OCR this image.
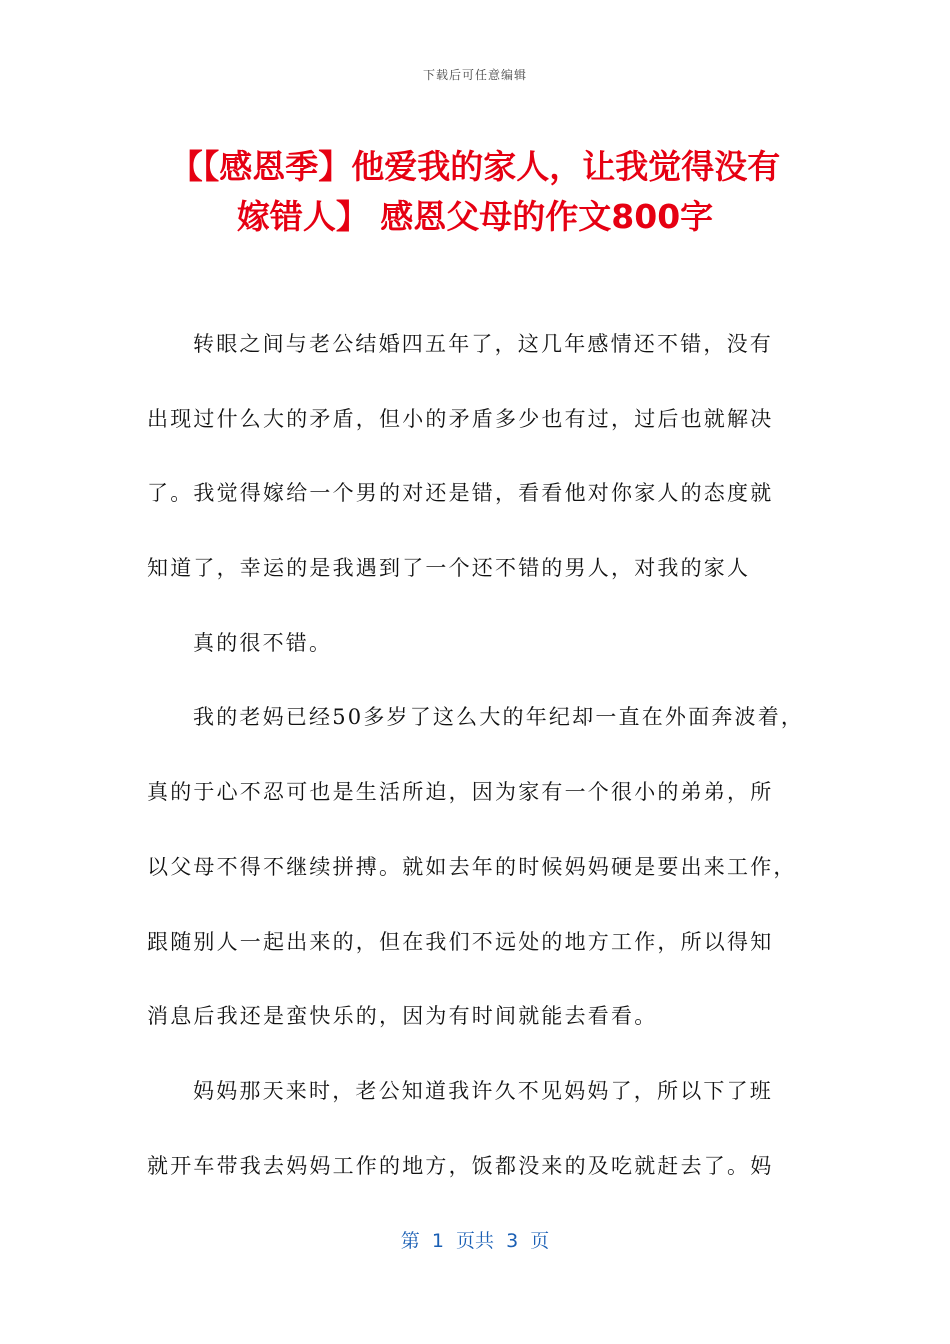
下载后可任意编辑
【【感恩季】他爱我的家人，让我觉得没有
嫁错人】 感恩父母的作文800字
转眼之间与老公结婚四五年了，这几年感情还不错，没有
出现过什么大的矛盾，但小的矛盾多少也有过，过后也就解决
了。我觉得嫁给一个男的对还是错，看看他对你家人的态度就
知道了，幸运的是我遇到了一个还不错的男人，对我的家人
真的很不错。
我的老妈已经50多岁了这么大的年纪却一直在外面奔波着，
真的于心不忍可也是生活所迫，因为家有一个很小的弟弟，所
以父母不得不继续拼搏。就如去年的时候妈妈硬是要出来工作，
跟随别人一起出来的，但在我们不远处的地方工作，所以得知
消息后我还是蛮快乐的，因为有时间就能去看看。
妈妈那天来时，老公知道我许久不见妈妈了，所以下了班
就开车带我去妈妈工作的地方，饭都没来的及吃就赶去了。妈
第  1  页共  3  页
